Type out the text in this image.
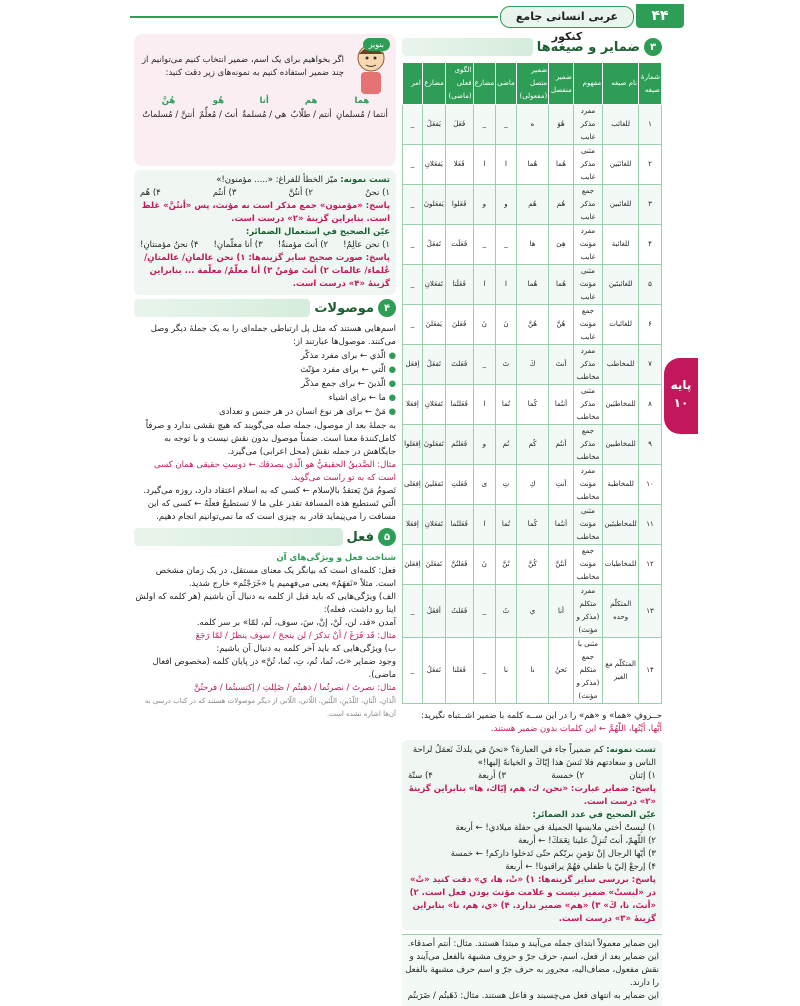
عربی انسانی جامع کنکور
۴۴
پایه
۱۰
۳
ضمایر و صیغه‌ها
شمارهٔ صیغه	نام صیغه	مفهوم	ضمیر منفصل	ضمیر متصل (مفعولی)	ماضی	مضارع	الگوی فعلی (ماضی)	مضارع	امر
۱	للغائب	مفرد مذکر غایب	هُوَ	ه	_	_	فَعَلَ	یَفعَلُ	_
۲	للغائبَین	مثنی مذکر غایب	هُما	هُما	ا	ا	فَعَلا	یَفعَلانِ	_
۳	للغائبین	جمع مذکر غایب	هُم	هُم	و	و	فَعَلوا	یَفعَلونَ	_
۴	للغائبة	مفرد مؤنث غایب	هِیَ	ها	_	_	فَعَلَت	تَفعَلُ	_
۵	للغائبتَین	مثنی مؤنث غایب	هُما	هُما	ا	ا	فَعَلَتا	تَفعَلانِ	_
۶	للغائبات	جمع مؤنث غایب	هُنَّ	هُنَّ	نَ	نَ	فَعَلنَ	یَفعَلنَ	_
۷	للمخاطب	مفرد مذکر مخاطب	أنتَ	كَ	تَ	_	فَعَلتَ	تَفعَلُ	اِفعَل
۸	للمخاطبَین	مثنی مذکر مخاطب	أنتُما	كُما	تُما	ا	فَعَلتُما	تَفعَلانِ	اِفعَلا
۹	للمخاطبین	جمع مذکر مخاطب	أنتُم	كُم	تُم	و	فَعَلتُم	تَفعَلونَ	اِفعَلوا
۱۰	للمخاطبة	مفرد مؤنث مخاطب	أنتِ	كِ	تِ	ی	فَعَلتِ	تَفعَلینَ	اِفعَلی
۱۱	للمخاطبتَین	مثنی مؤنث مخاطب	أنتُما	كُما	تُما	ا	فَعَلتُما	تَفعَلانِ	اِفعَلا
۱۲	للمخاطبات	جمع مؤنث مخاطب	أنتُنَّ	كُنَّ	تُنَّ	نَ	فَعَلتُنَّ	تَفعَلنَ	اِفعَلنَ
۱۳	المتكلّم وحده	مفرد متکلم (مذکر و مؤنث)	أنا	ي	تُ	_	فَعَلتُ	أفعَلُ	_
۱۴	المتكلّم مع الغیر	مثنی یا جمع متکلم (مذکر و مؤنث)	نَحنُ	نا	نا	_	فَعَلنا	نَفعَلُ	_
حــروفِ «هما» و «هم» را در این ســه کلمه با ضمیر اشــتباه نگیرید:
أيُّها، أيَّتُها، اللّهُمَّ ← این کلمات بدون ضمیر هستند.
تست نمونه: کم ضميراً جاء في العبارة؟ «نحنُ في بلدكَ نَعمَلُ لراحة الناس و سعادتهم فلا تَنسَ هذا إيّاكَ و الخيانةَ إليها!»
۱) إثنان
۲) خمسة
۳) أربعة
۴) ستّة
پاسخ: ضمایر عبارت: «نحن، ك، هم، إيّاك، ها» بنابراین گزینهٔ «۲» درست است.
عيّن الصحيح في عدد الضمائر:
۱) لبِستْ أختي ملابسها الجميلة في حفلة ميلادي! ← أربعة
۲) اللّهمّ، أنتَ تُنزِلُ علينا نِعَمَكَ! ← أربعة
۳) أيّها الرجال إنْ تؤمنِ بربّكم حتّى تَدخلوا داركم! ← خمسة
۴) إرجعْ إليّ يا طفلي فهُمْ يراقبونا! ← أربعة
پاسخ: بررسی سایر گزینه‌ها: ۱) «تْ، ها، ي» دقت کنید «تْ» در «لبستْ» ضمیر نیست و علامت مؤنث بودن فعل است. ۲) «أنتَ، نا، كَ» ۳) «هم» ضمیر ندارد. ۴) «ي، هم، نا» بنابراین گزینهٔ «۳» درست است.
این ضمایر معمولاً ابتدای جمله می‌آیند و مبتدا هستند. مثال: أنتم أصدقاء.
این ضمایر بعد از فعل، اسم، حرف جرّ و حروف مشبهة بالفعل می‌آیند و نقش مفعول، مضاف‌الیه، مجرور به حرف جرّ و اسم حرف مشبهة بالفعل را دارند.
این ضمایر به انتهای فعل می‌چسبند و فاعل هستند. مثال: ذَهَبتُم / ضَرَبتُم
بنویز
اگر بخواهیم برای یک اسم، ضمیر انتخاب کنیم می‌توانیم از چند ضمیر استفاده کنیم به نمونه‌های زیر دقت کنید:
هُنَّ
أنتنَّ / مُسلماتٌ
هُو
أنتَ / مُعلِّمٌ
أنا
هي / مُسلمةٌ
هم
أنتم / طلّابٌ
هما
أنتما / مُسلمانِ
تست نمونه: ميّز الخطأ للفراغ: «..... مؤمنون!»
۱) نحنُ
۲) أنتُنَّ
۳) أنتُم
۴) هُم
پاسخ: «مؤمنون» جمع مذکر است نه مؤنث، پس «أنتُنَّ» غلط است. بنابراین گزینهٔ «۲» درست است.
عيّن الصحيح في استعمال الضمائر:
۱) نحن عالِمٌ!
۲) أنتَ مؤمنةٌ!
۳) أنا معلّمانِ!
۴) نحنُ مؤمنتانِ!
پاسخ: صورت صحیح سایر گزینه‌ها: ۱) نحن عالمانِ/ عالمتانِ/ عُلماء/ عالمات ۲) أنتَ مؤمنٌ ۳) أنا معلّمٌ/ معلّمة ... بنابراین گزینهٔ «۴» درست است.
۴
موصولات
اسم‌هایی هستند که مثل پل ارتباطی جمله‌ای را به یک جملهٔ دیگر وصل می‌کنند. موصول‌ها عبارتند از:
● الّذي ← برای مفرد مذکّر
● الّتي ← برای مفرد مؤنّث
● الّذينَ ← برای جمع مذکّر
● ما ← برای اشياء
● مَنْ ← برای هر نوع انسان در هر جنس و تعدادی
به جملهٔ بعد از موصول، جمله صله می‌گویند که هیچ نقشی ندارد و صرفاً کامل‌کنندهٔ معنا است. ضمناً موصول بدون نقش نیست و با توجه به جایگاهش در جمله نقش (محل اعرابی) می‌گیرد.
مثال: الصَّديقُ الحقيقيُّ هو الّذي يصدقك ← دوستِ حقیقی همان کسی است که به تو راست می‌گوید.
تَصومُ مَنْ يَعتقدُ بالإسلام ← کسی که به اسلام اعتقاد دارد، روزه می‌گیرد.
الّتي تَستطيع هذه المسافة تقدر على ما لا تستطيعُ فعلَهُ ← کسی که این مسافت را می‌پیماید قادر به چیزی است که ما نمی‌توانیم انجام دهیم.
۵
فعل
شناخت فعل و ویژگی‌های آن
فعل: کلمه‌ای است که بیانگر یک معنای مستقل، در یک زمان مشخص است. مثلاً «نَفهَمُ» یعنی می‌فهمیم یا «خَرَجْتُم» خارج شدید.
الف) ویژگی‌هایی که باید قبل از کلمه به دنبال آن باشیم (هر کلمه که اولش اینا رو داشت، فعله):
آمدن «قد، لن، لَنْ، إنْ، سَ، سوف، لَم، لمّا» بر سر کلمه.
مثال: قَد فَرَغَ / أنْ تذكرَ / لن ينجحَ / سوف ينظرُ / لمّا رَجَعَ
ب) ویژگی‌هایی که باید آخر کلمه به دنبال آن باشیم:
وجود ضمایر «تَ، تُما، تُم، تِ، تُما، تُنَّ» در پایان کلمه (مخصوص افعال ماضی).
مثال: نصرتَ / نصرتُما / ذهبتُم / ضَلِلتِ / إكتسبتُما / فرحتُنَّ
الّذانِ، الّتانِ، اللّذَينِ، اللّتَين، اللّاتي، اللّاتي از دیگر موصولات هستند که در کتاب درسی به آن‌ها اشاره نشده است.
